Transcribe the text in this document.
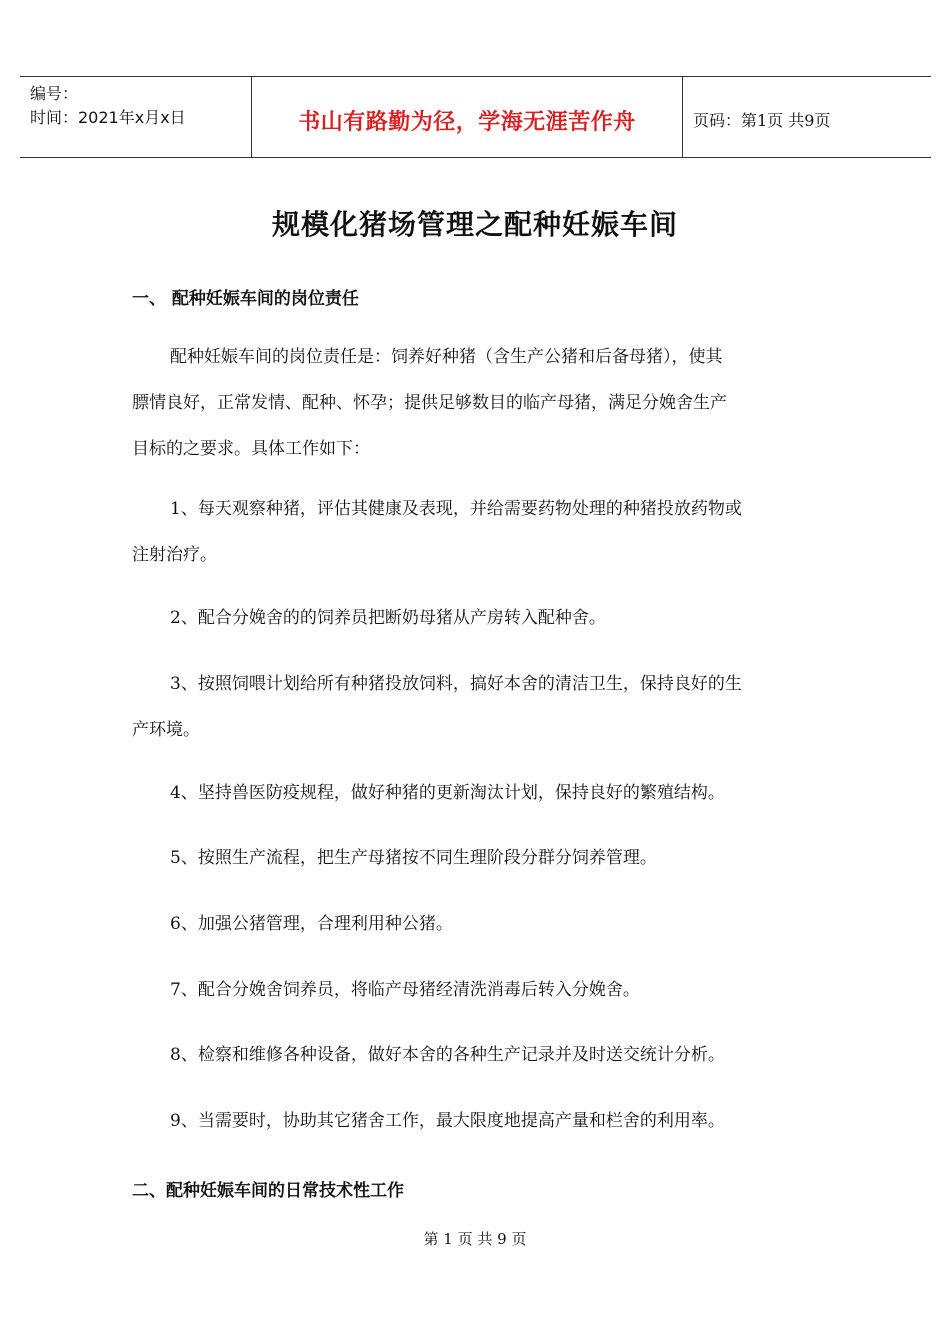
编号：
时间：2021年x月x日	书山有路勤为径，学海无涯苦作舟	页码：第1页 共9页
规模化猪场管理之配种妊娠车间
一、 配种妊娠车间的岗位责任

配种妊娠车间的岗位责任是：饲养好种猪（含生产公猪和后备母猪），使其
膘情良好，正常发情、配种、怀孕；提供足够数目的临产母猪，满足分娩舍生产
目标的之要求。具体工作如下：

1、每天观察种猪，评估其健康及表现，并给需要药物处理的种猪投放药物或
注射治疗。

2、配合分娩舍的的饲养员把断奶母猪从产房转入配种舍。

3、按照饲喂计划给所有种猪投放饲料，搞好本舍的清洁卫生，保持良好的生
产环境。

4、坚持兽医防疫规程，做好种猪的更新淘汰计划，保持良好的繁殖结构。

5、按照生产流程，把生产母猪按不同生理阶段分群分饲养管理。

6、加强公猪管理，合理利用种公猪。

7、配合分娩舍饲养员，将临产母猪经清洗消毒后转入分娩舍。

8、检察和维修各种设备，做好本舍的各种生产记录并及时送交统计分析。

9、当需要时，协助其它猪舍工作，最大限度地提高产量和栏舍的利用率。

二、配种妊娠车间的日常技术性工作
第 1 页 共 9 页
